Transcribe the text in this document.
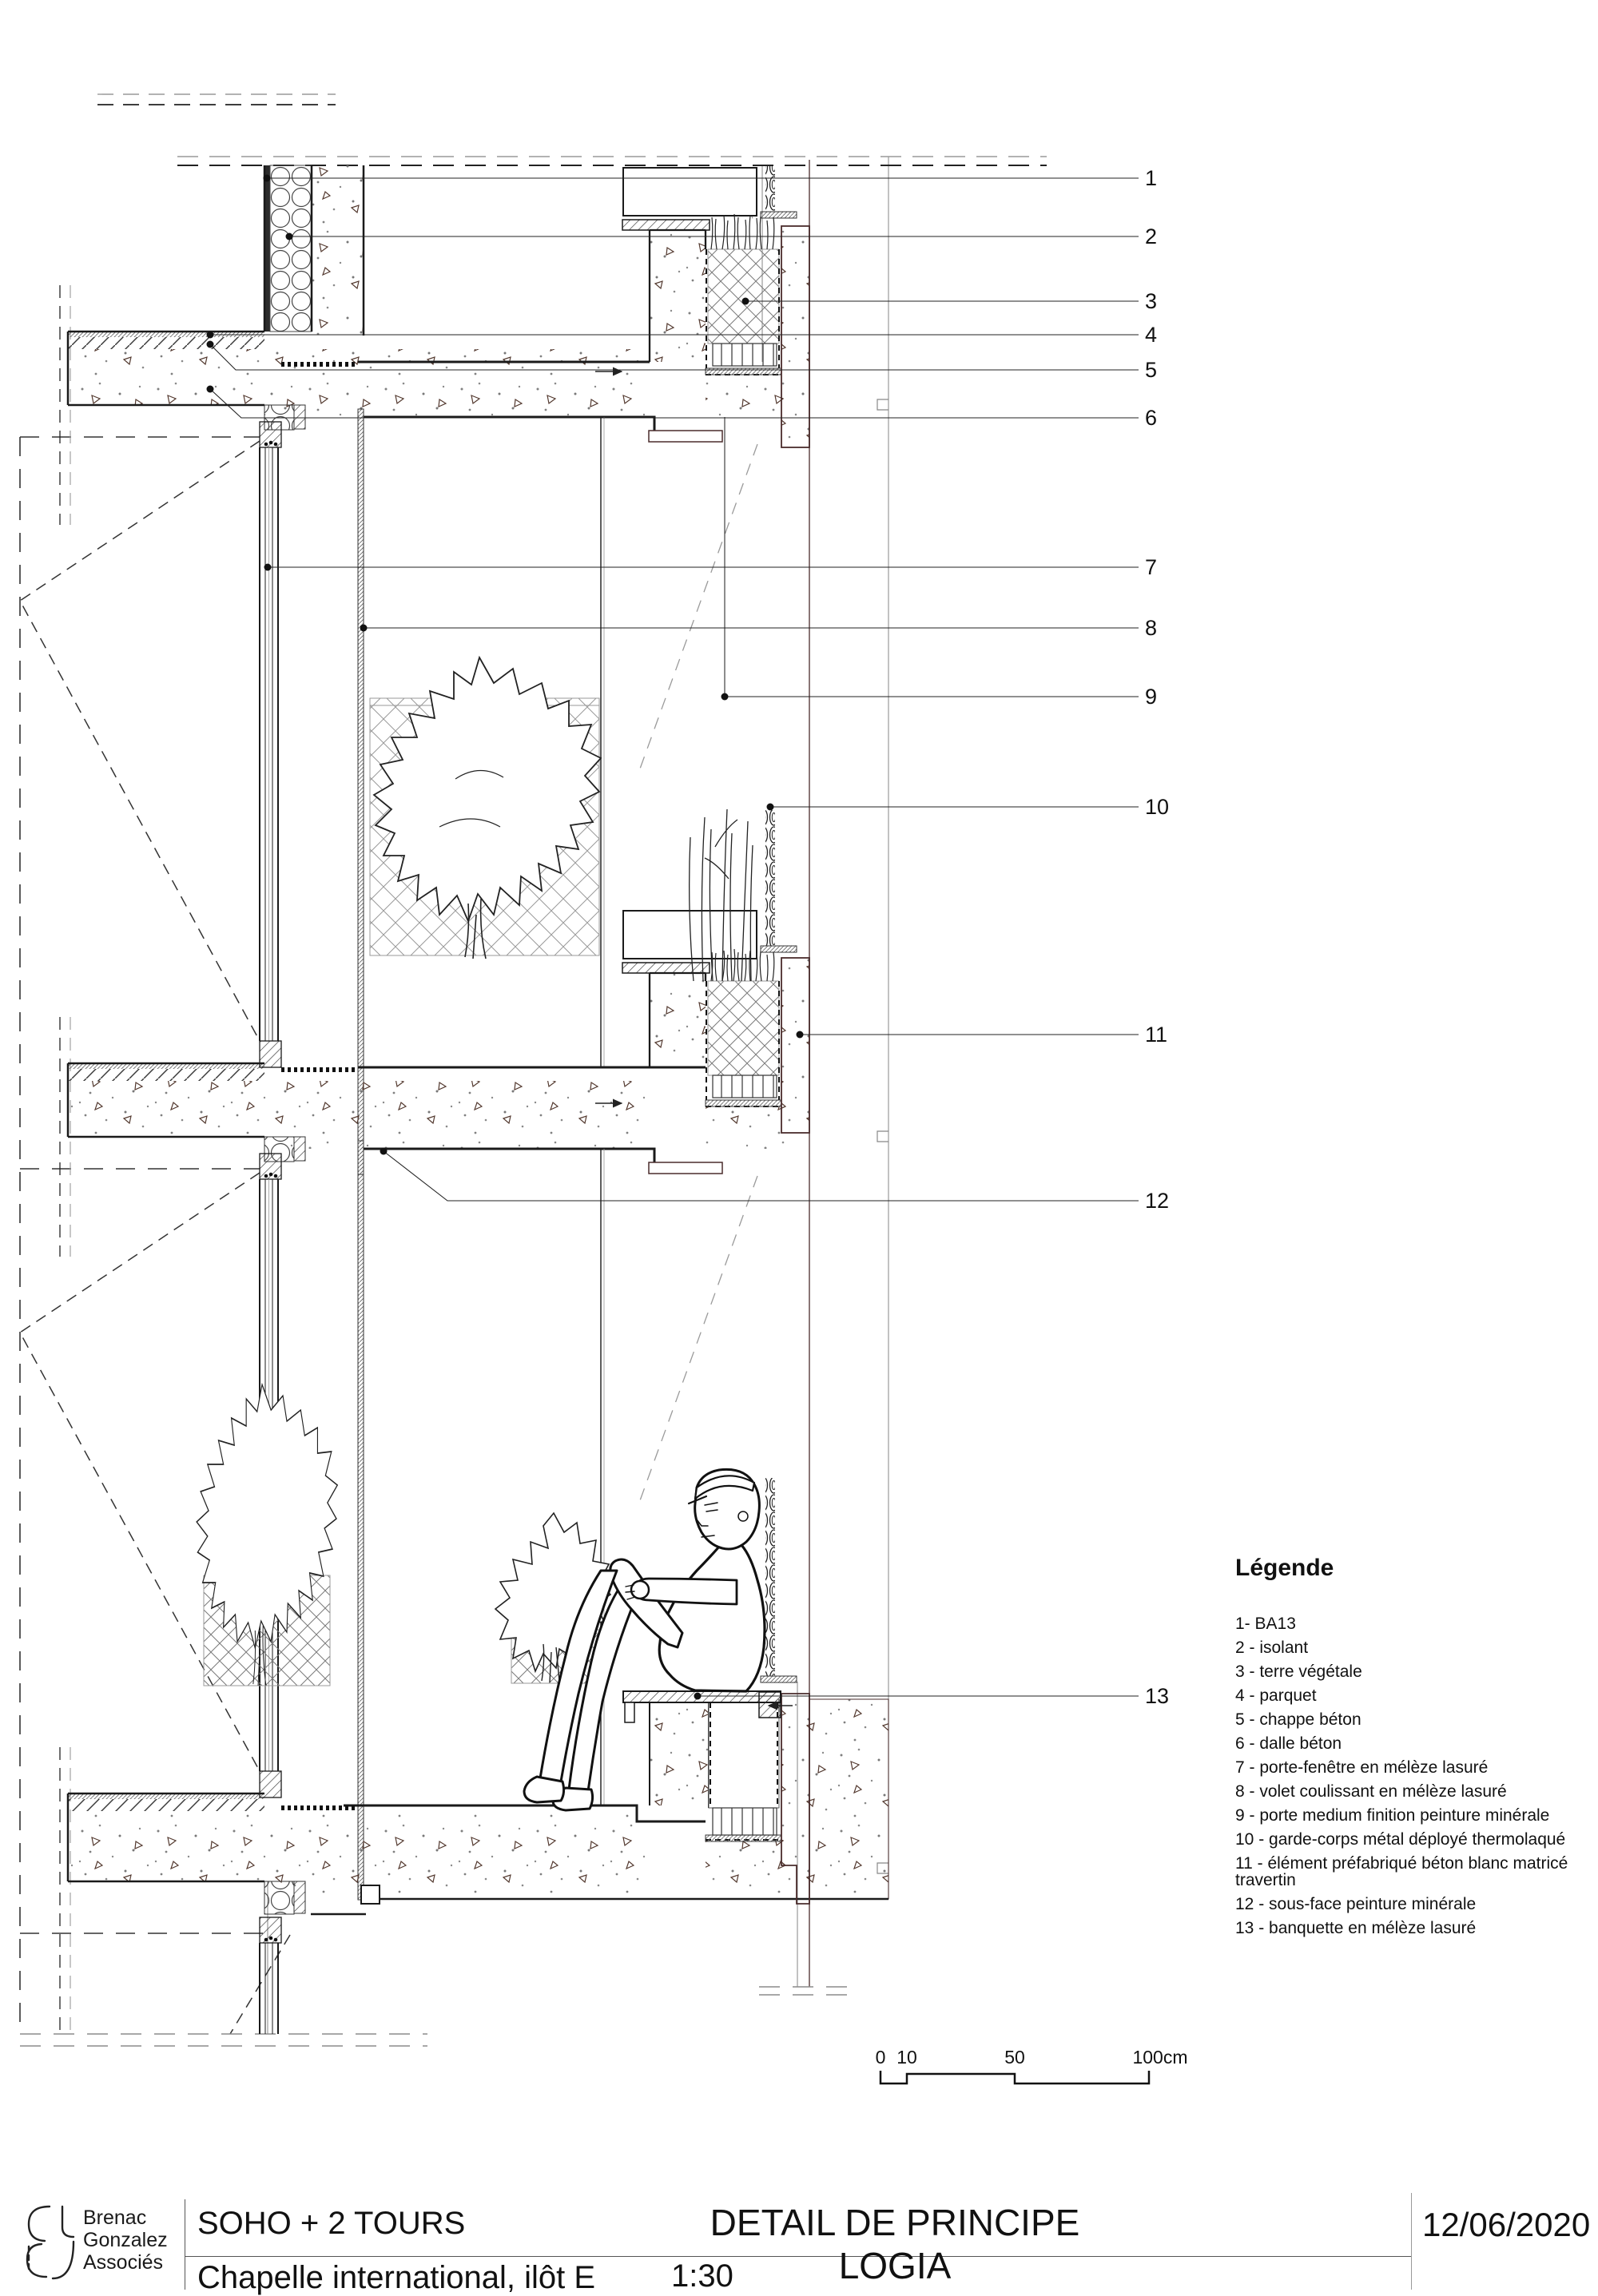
1
2
3
4
5
6
7
8
9
10
11
12
13
0 10	50	100cm
Légende

1- BA13

2 - isolant

3 - terre végétale

4 - parquet

5 - chappe béton

6 - dalle béton

7 - porte-fenêtre en mélèze lasuré

8 - volet coulissant en mélèze lasuré

9 - porte medium finition peinture minérale

10 - garde-corps métal déployé thermolaqué

11 - élément préfabriqué béton blanc matricé

travertin

12 - sous-face peinture minérale

13 - banquette en mélèze lasuré

Brenac
Gonzalez
Associés
SOHO + 2 TOURS
Chapelle international, ilôt E
DETAIL DE PRINCIPE LOGIA
1:30
12/06/2020
